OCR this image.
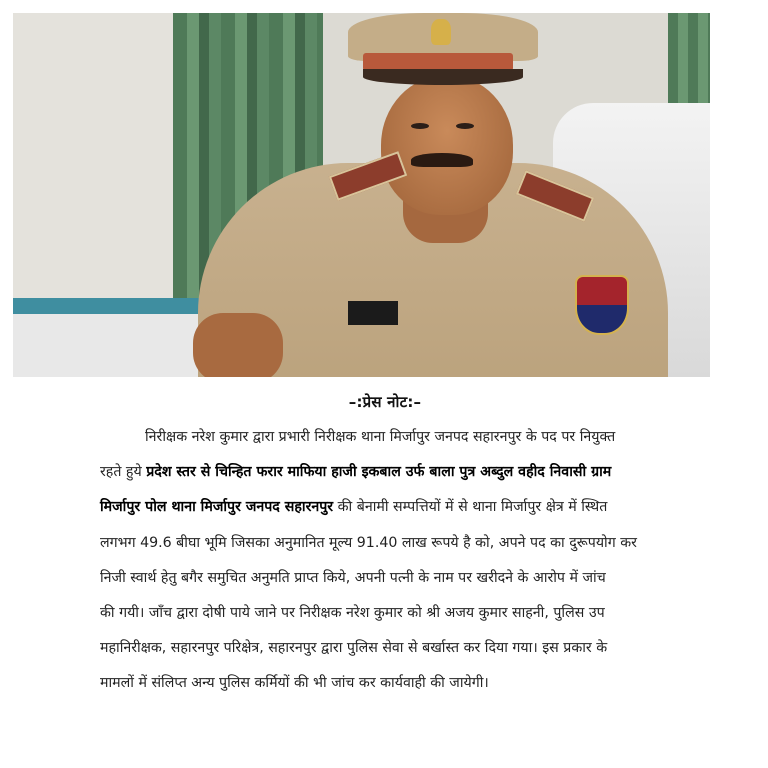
–:प्रेस नोट:–
निरीक्षक नरेश कुमार द्वारा प्रभारी निरीक्षक थाना मिर्जापुर जनपद सहारनपुर के पद पर नियुक्त
रहते हुये प्रदेश स्तर से चिन्हित फरार माफिया हाजी इकबाल उर्फ बाला पुत्र अब्दुल वहीद निवासी ग्राम
मिर्जापुर पोल थाना मिर्जापुर जनपद सहारनपुर की बेनामी सम्पत्तियों में से थाना मिर्जापुर क्षेत्र में स्थित
लगभग 49.6 बीघा भूमि जिसका अनुमानित मूल्य 91.40 लाख रूपये है को, अपने पद का दुरूपयोग कर
निजी स्वार्थ हेतु बगैर समुचित अनुमति प्राप्त किये, अपनी पत्नी के नाम पर खरीदने के आरोप में जांच
की गयी। जाँच द्वारा दोषी पाये जाने पर निरीक्षक नरेश कुमार को श्री अजय कुमार साहनी, पुलिस उप
महानिरीक्षक, सहारनपुर परिक्षेत्र, सहारनपुर द्वारा पुलिस सेवा से बर्खास्त कर दिया गया। इस प्रकार के
मामलों में संलिप्त अन्य पुलिस कर्मियों की भी जांच कर कार्यवाही की जायेगी।
